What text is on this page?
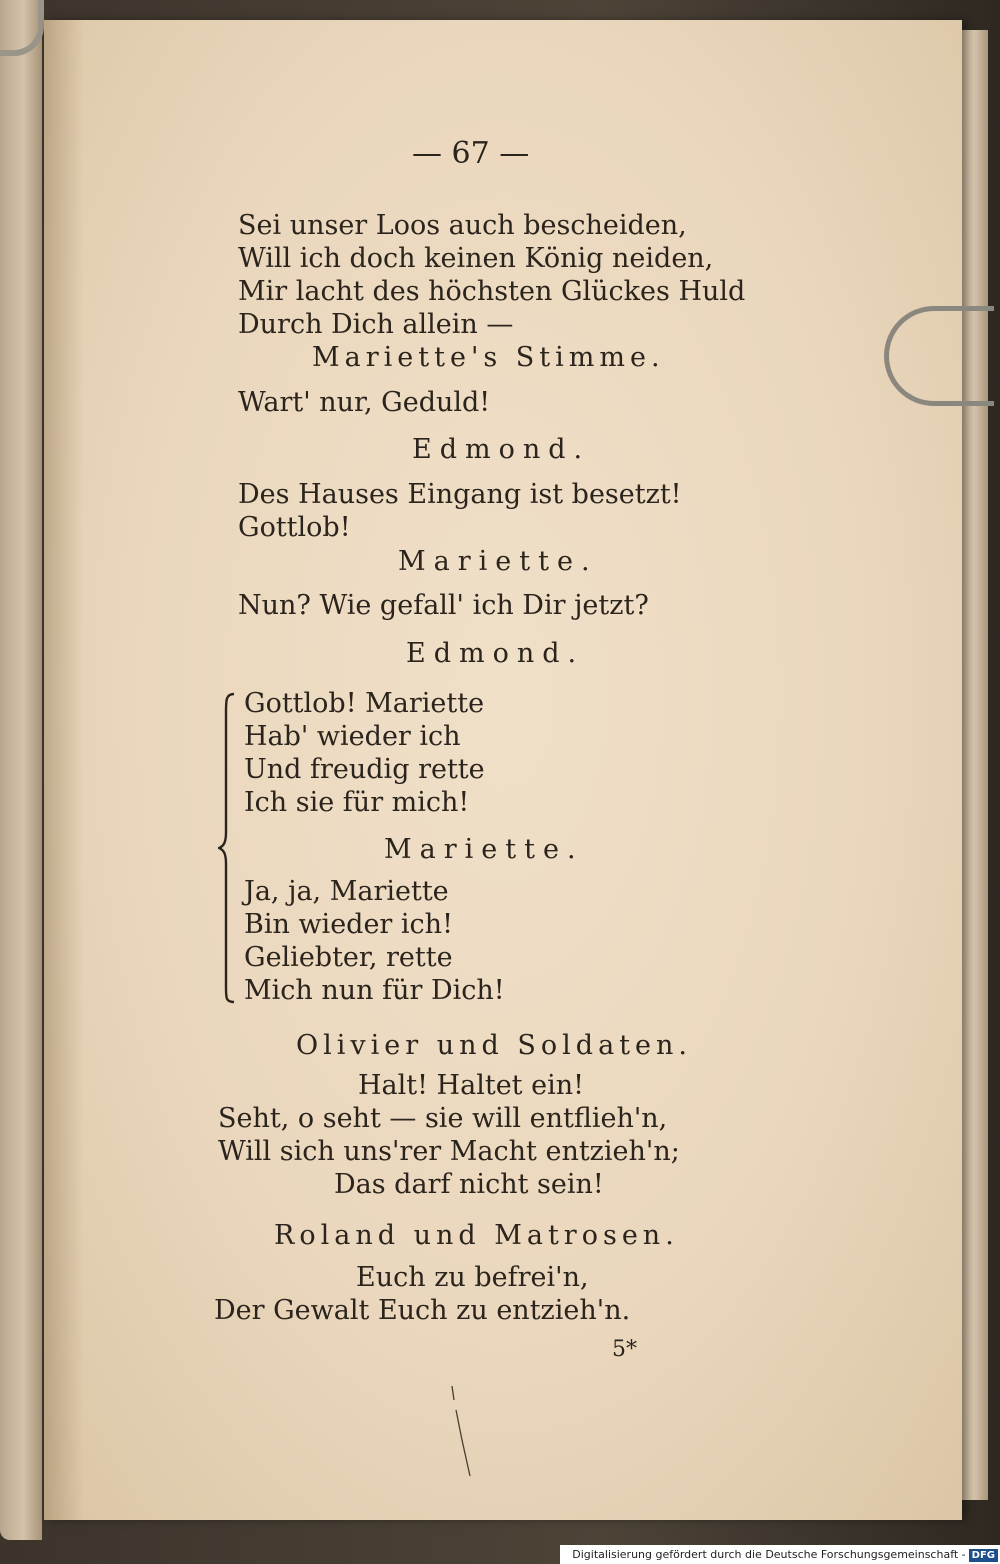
— 67 —
Sei unser Loos auch bescheiden,
Will ich doch keinen König neiden,
Mir lacht des höchsten Glückes Huld
Durch Dich allein —
Mariette's Stimme.
Wart' nur, Geduld!
Edmond.
Des Hauses Eingang ist besetzt!
Gottlob!
Mariette.
Nun? Wie gefall' ich Dir jetzt?
Edmond.
Gottlob! Mariette
Hab' wieder ich
Und freudig rette
Ich sie für mich!
Mariette.
Ja, ja, Mariette
Bin wieder ich!
Geliebter, rette
Mich nun für Dich!
Olivier und Soldaten.
Halt! Haltet ein!
Seht, o seht — sie will entflieh'n,
Will sich uns'rer Macht entzieh'n;
Das darf nicht sein!
Roland und Matrosen.
Euch zu befrei'n,
Der Gewalt Euch zu entzieh'n.
5*
Digitalisierung gefördert durch die Deutsche Forschungsgemeinschaft - DFG
